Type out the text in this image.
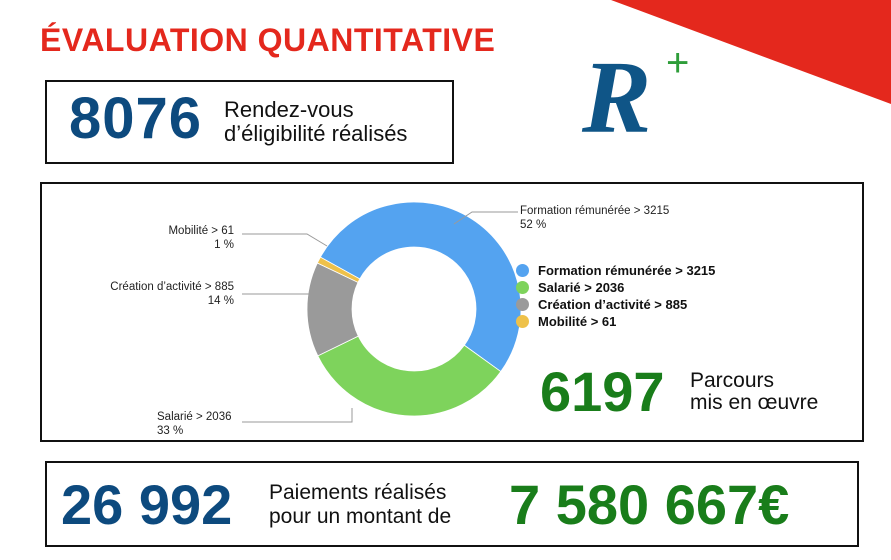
ÉVALUATION QUANTITATIVE
8076 Rendez-vous
d’éligibilité réalisés R +
Formation rémunérée > 3215
52 %
Salarié > 2036
33 %
Création d’activité > 885
14 %
Mobilité > 61
1 %
Formation rémunérée > 3215
Salarié > 2036
Création d’activité > 885
Mobilité > 61
6197 Parcours
mis en œuvre
26 992 Paiements réalisés
pour un montant de 7 580 667€
